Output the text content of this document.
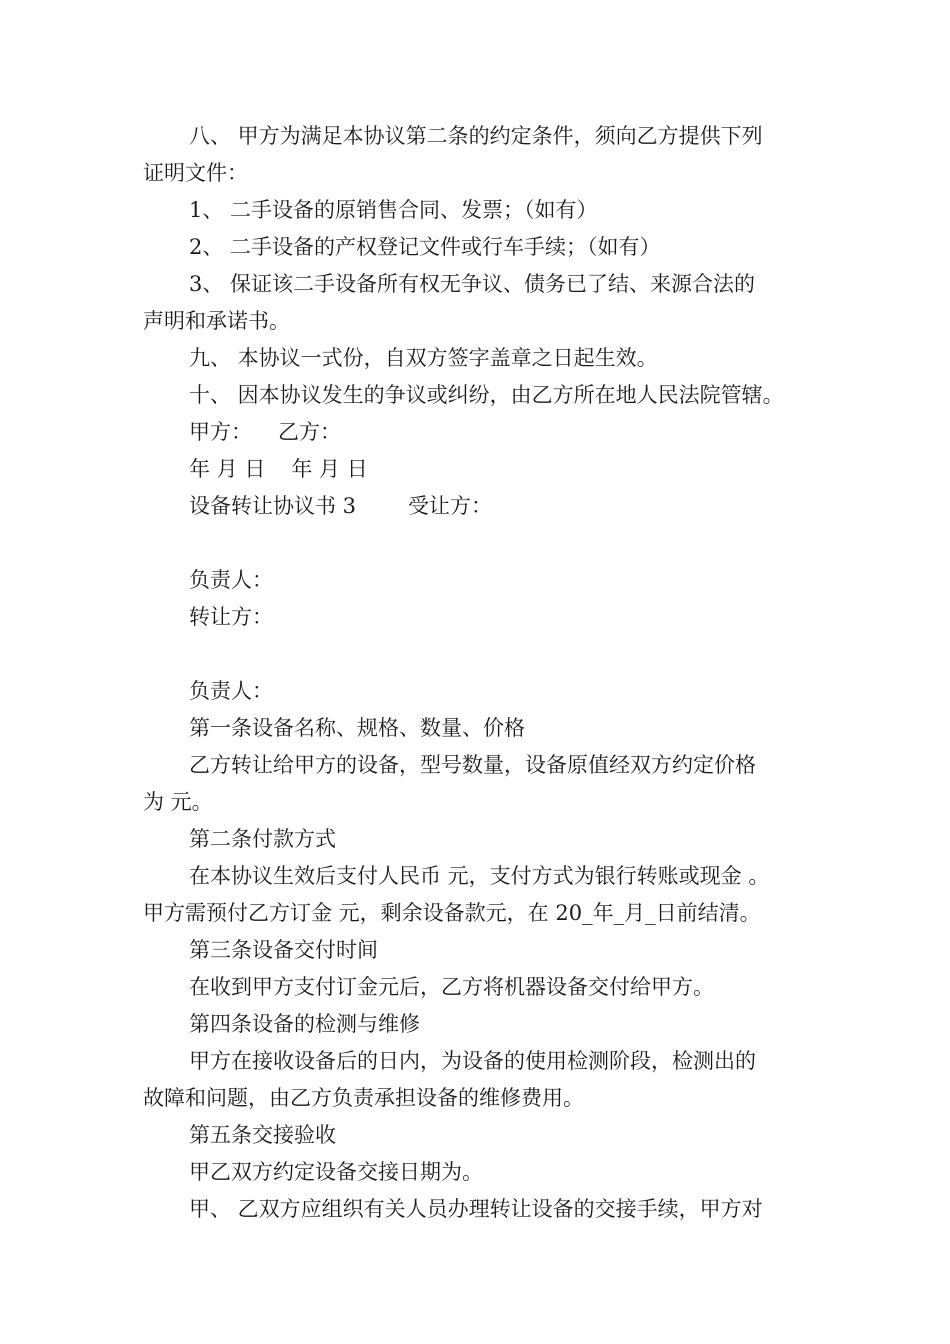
八、 甲方为满足本协议第二条的约定条件，须向乙方提供下列

证明文件：

1、 二手设备的原销售合同、发票；（如有）

2、 二手设备的产权登记文件或行车手续；（如有）

3、 保证该二手设备所有权无争议、债务已了结、来源合法的

声明和承诺书。

九、 本协议一式份，自双方签字盖章之日起生效。

十、 因本协议发生的争议或纠纷，由乙方所在地人民法院管辖。

甲方： 乙方：

年 月 日 年 月 日

设备转让协议书 3 受让方：

负责人：

转让方：

负责人：

第一条设备名称、规格、数量、价格

乙方转让给甲方的设备，型号数量，设备原值经双方约定价格

为 元。

第二条付款方式

在本协议生效后支付人民币 元，支付方式为银行转账或现金 。

甲方需预付乙方订金 元，剩余设备款元，在 20_年_月_日前结清。

第三条设备交付时间

在收到甲方支付订金元后，乙方将机器设备交付给甲方。

第四条设备的检测与维修

甲方在接收设备后的日内，为设备的使用检测阶段，检测出的

故障和问题，由乙方负责承担设备的维修费用。

第五条交接验收

甲乙双方约定设备交接日期为。

甲、 乙双方应组织有关人员办理转让设备的交接手续，甲方对
